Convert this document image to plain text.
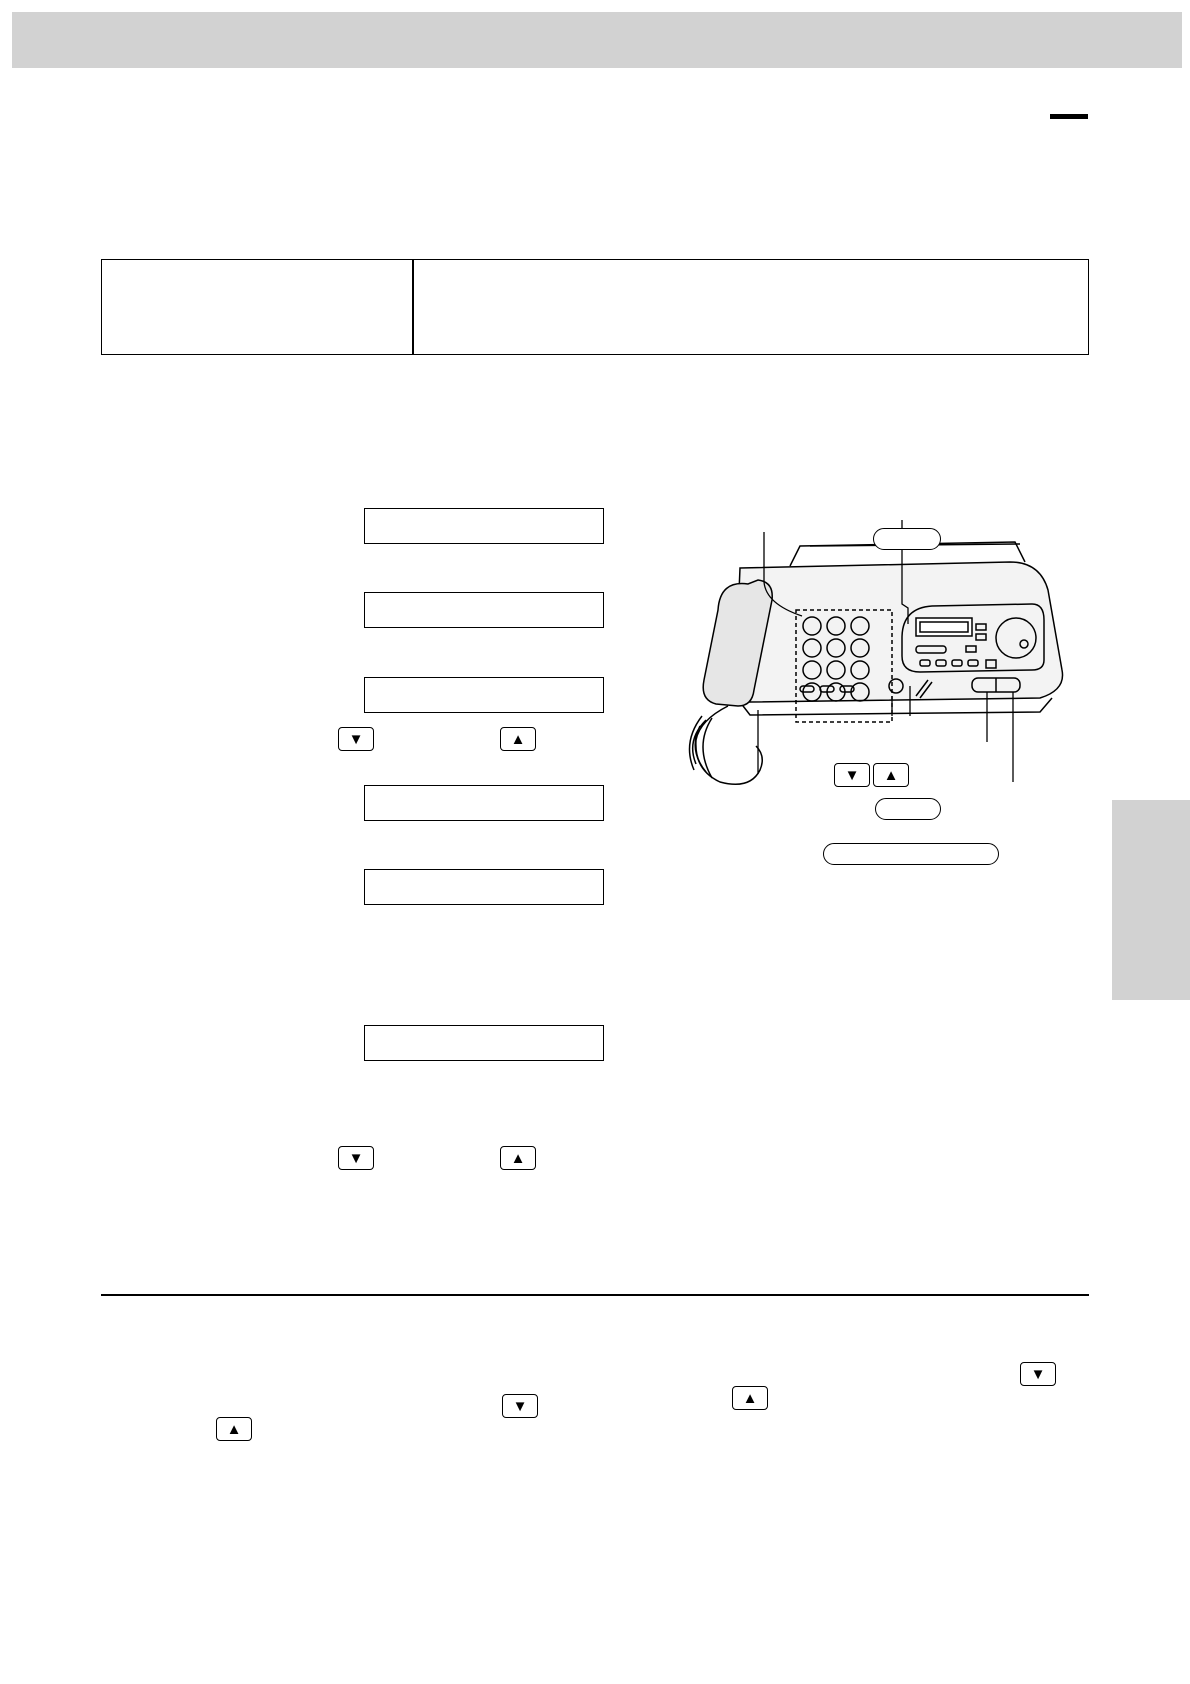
▼	▲
▼	▲
▼	▲
▼
▼	▲
▲
